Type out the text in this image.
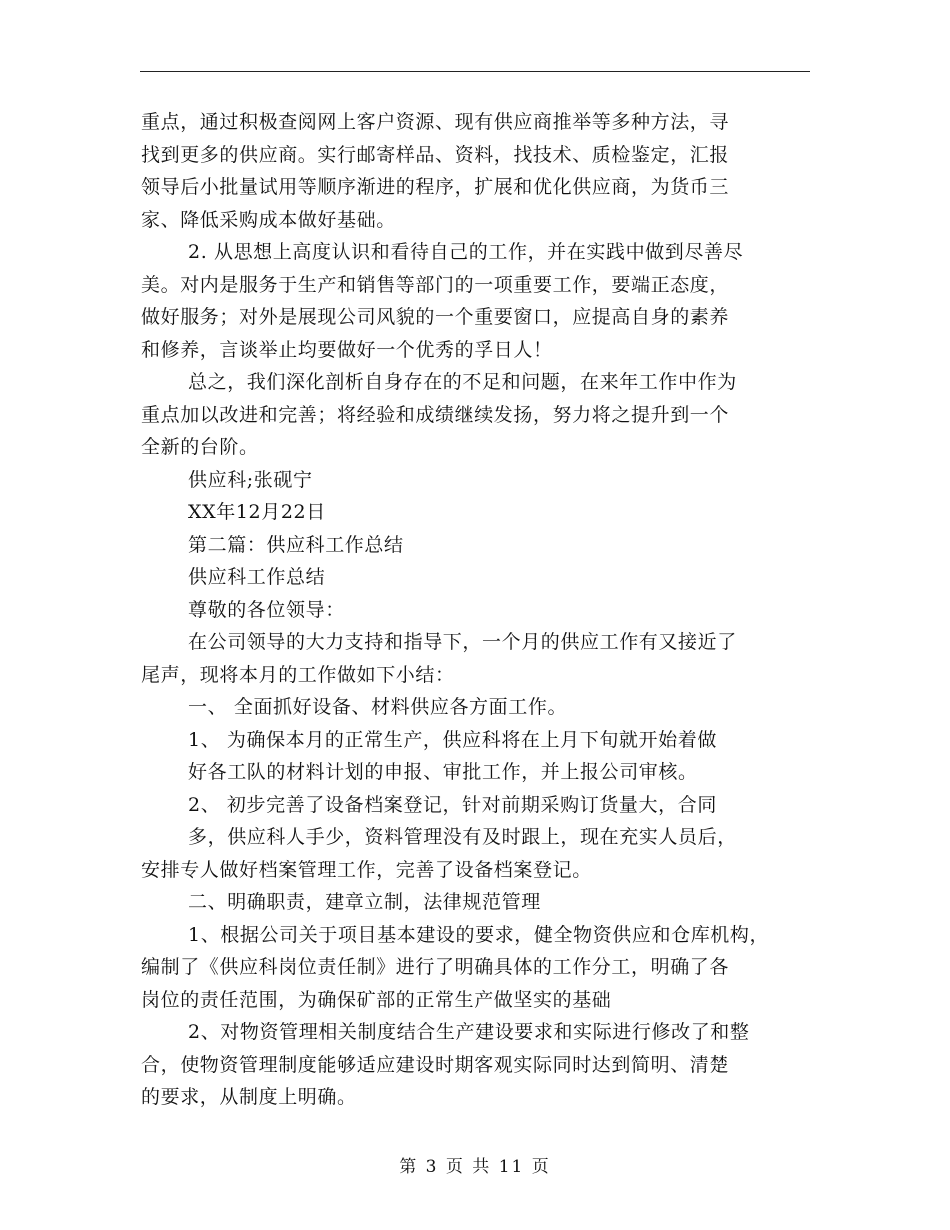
重点，通过积极查阅网上客户资源、现有供应商推举等多种方法，寻
找到更多的供应商。实行邮寄样品、资料，找技术、质检鉴定，汇报
领导后小批量试用等顺序渐进的程序，扩展和优化供应商，为货币三
家、降低采购成本做好基础。
2. 从思想上高度认识和看待自己的工作，并在实践中做到尽善尽
美。对内是服务于生产和销售等部门的一项重要工作，要端正态度，
做好服务；对外是展现公司风貌的一个重要窗口，应提高自身的素养
和修养，言谈举止均要做好一个优秀的孚日人！
总之，我们深化剖析自身存在的不足和问题，在来年工作中作为
重点加以改进和完善；将经验和成绩继续发扬，努力将之提升到一个
全新的台阶。
供应科;张砚宁
XX年12月22日
第二篇：供应科工作总结
供应科工作总结
尊敬的各位领导：
在公司领导的大力支持和指导下，一个月的供应工作有又接近了
尾声，现将本月的工作做如下小结：
一、 全面抓好设备、材料供应各方面工作。
1、 为确保本月的正常生产，供应科将在上月下旬就开始着做
好各工队的材料计划的申报、审批工作，并上报公司审核。
2、 初步完善了设备档案登记，针对前期采购订货量大，合同
多，供应科人手少，资料管理没有及时跟上，现在充实人员后，
安排专人做好档案管理工作，完善了设备档案登记。
二、明确职责，建章立制，法律规范管理
1、根据公司关于项目基本建设的要求，健全物资供应和仓库机构，
编制了《供应科岗位责任制》进行了明确具体的工作分工，明确了各
岗位的责任范围，为确保矿部的正常生产做坚实的基础
2、对物资管理相关制度结合生产建设要求和实际进行修改了和整
合，使物资管理制度能够适应建设时期客观实际同时达到简明、清楚
的要求，从制度上明确。
第 3 页 共 11 页
